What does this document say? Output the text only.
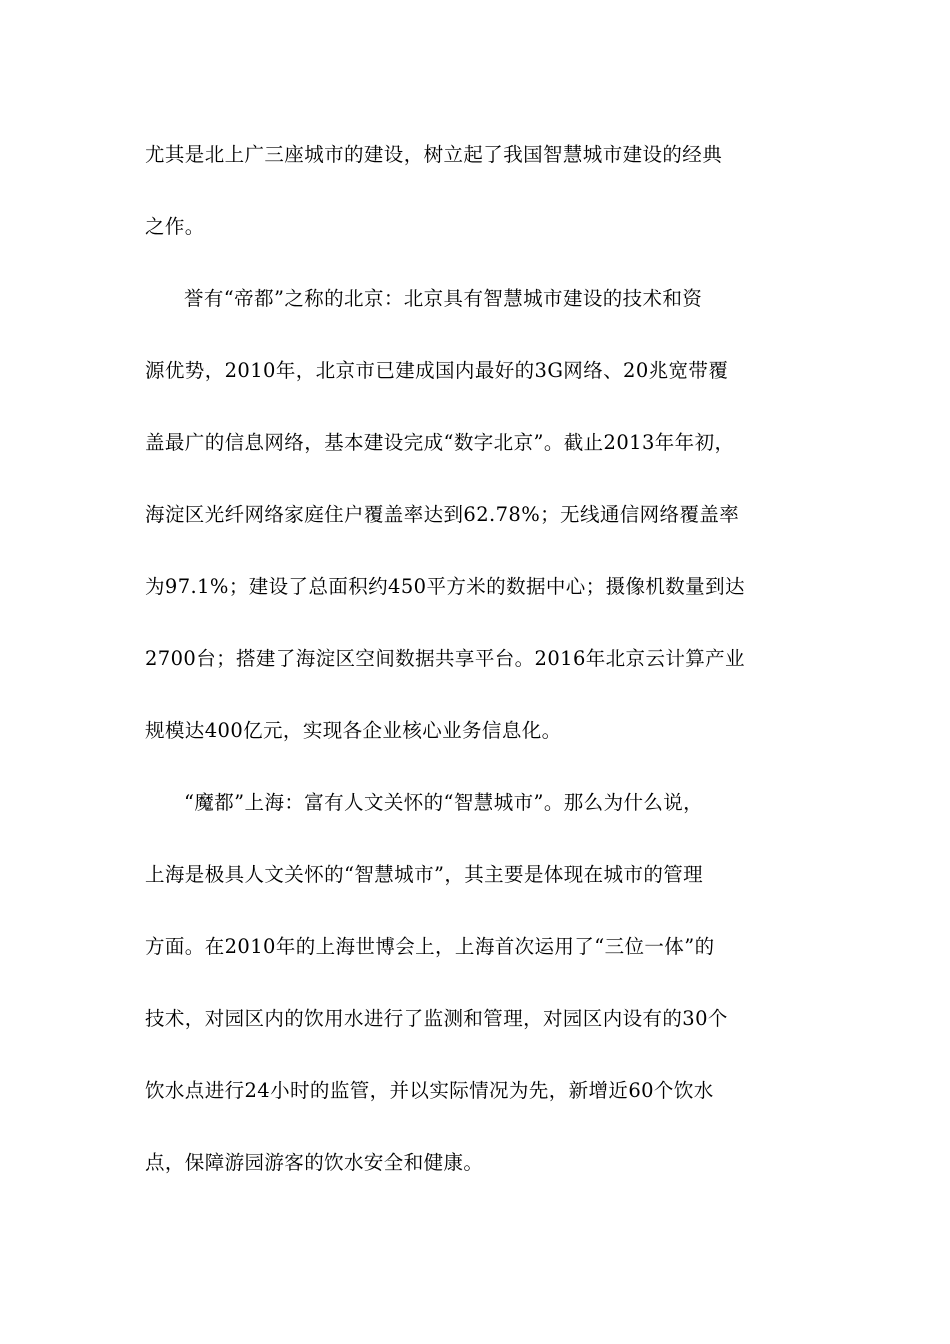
尤其是北上广三座城市的建设，树立起了我国智慧城市建设的经典
之作。
誉有“帝都”之称的北京：北京具有智慧城市建设的技术和资
源优势，2010年，北京市已建成国内最好的3G网络、20兆宽带覆
盖最广的信息网络，基本建设完成“数字北京”。截止2013年年初，
海淀区光纤网络家庭住户覆盖率达到62.78%；无线通信网络覆盖率
为97.1%；建设了总面积约450平方米的数据中心；摄像机数量到达
2700台；搭建了海淀区空间数据共享平台。2016年北京云计算产业
规模达400亿元，实现各企业核心业务信息化。
“魔都”上海：富有人文关怀的“智慧城市”。那么为什么说，
上海是极具人文关怀的“智慧城市”，其主要是体现在城市的管理
方面。在2010年的上海世博会上，上海首次运用了“三位一体”的
技术，对园区内的饮用水进行了监测和管理，对园区内设有的30个
饮水点进行24小时的监管，并以实际情况为先，新增近60个饮水
点，保障游园游客的饮水安全和健康。
